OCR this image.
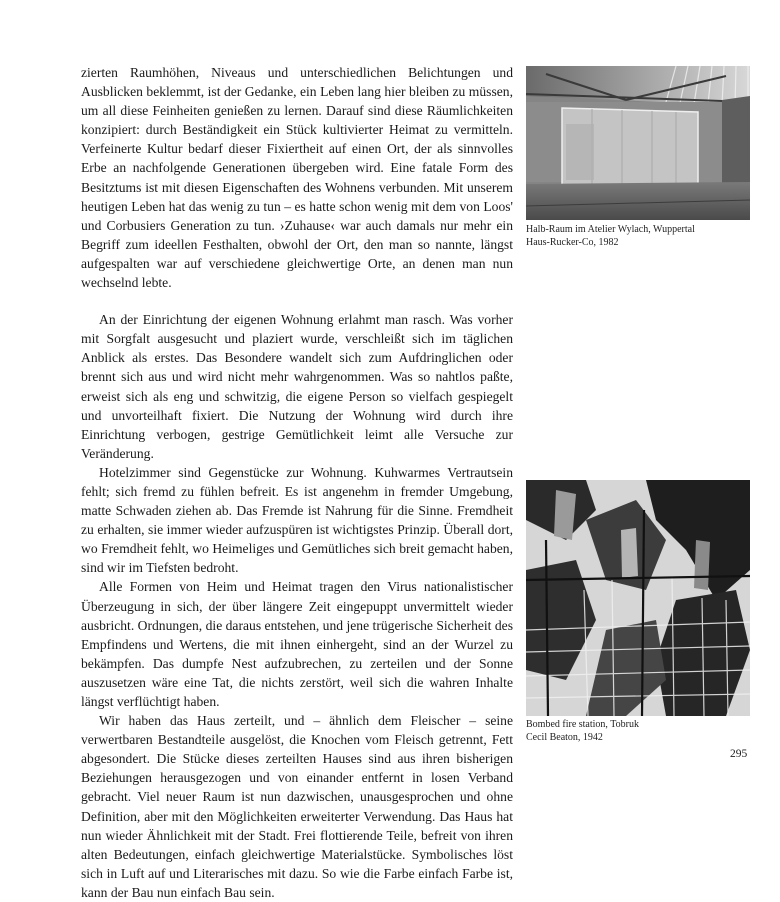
zierten Raumhöhen, Niveaus und unterschiedlichen Belichtungen und Ausblicken beklemmt, ist der Gedanke, ein Leben lang hier bleiben zu müssen, um all diese Feinheiten genießen zu lernen. Darauf sind diese Räumlichkeiten konzipiert: durch Beständigkeit ein Stück kultivierter Heimat zu vermitteln. Verfeinerte Kultur bedarf dieser Fixiertheit auf einen Ort, der als sinnvolles Erbe an nachfolgende Generationen übergeben wird. Eine fatale Form des Besitztums ist mit diesen Eigenschaften des Wohnens verbunden. Mit unserem heutigen Leben hat das wenig zu tun – es hatte schon wenig mit dem von Loos' und Corbusiers Generation zu tun. ›Zuhause‹ war auch damals nur mehr ein Begriff zum ideellen Festhalten, obwohl der Ort, den man so nannte, längst aufgespalten war auf verschiedene gleichwertige Orte, an denen man nun wechselnd lebte.

An der Einrichtung der eigenen Wohnung erlahmt man rasch. Was vorher mit Sorgfalt ausgesucht und plaziert wurde, verschleißt sich im täglichen Anblick als erstes. Das Besondere wandelt sich zum Aufdringlichen oder brennt sich aus und wird nicht mehr wahrgenommen. Was so nahtlos paßte, erweist sich als eng und schwitzig, die eigene Person so vielfach gespiegelt und unvorteilhaft fixiert. Die Nutzung der Wohnung wird durch ihre Einrichtung verbogen, gestrige Gemütlichkeit leimt alle Versuche zur Veränderung.

Hotelzimmer sind Gegenstücke zur Wohnung. Kuhwarmes Vertrautsein fehlt; sich fremd zu fühlen befreit. Es ist angenehm in fremder Umgebung, matte Schwaden ziehen ab. Das Fremde ist Nahrung für die Sinne. Fremdheit zu erhalten, sie immer wieder aufzuspüren ist wichtigstes Prinzip. Überall dort, wo Fremdheit fehlt, wo Heimeliges und Gemütliches sich breit gemacht haben, sind wir im Tiefsten bedroht.

Alle Formen von Heim und Heimat tragen den Virus nationalistischer Überzeugung in sich, der über längere Zeit eingepuppt unvermittelt wieder ausbricht. Ordnungen, die daraus entstehen, und jene trügerische Sicherheit des Empfindens und Wertens, die mit ihnen einhergeht, sind an der Wurzel zu bekämpfen. Das dumpfe Nest aufzubrechen, zu zerteilen und der Sonne auszusetzen wäre eine Tat, die nichts zerstört, weil sich die wahren Inhalte längst verflüchtigt haben.

Wir haben das Haus zerteilt, und – ähnlich dem Fleischer – seine verwertbaren Bestandteile ausgelöst, die Knochen vom Fleisch getrennt, Fett abgesondert. Die Stücke dieses zerteilten Hauses sind aus ihren bisherigen Beziehungen herausgezogen und von einander entfernt in losen Verband gebracht. Viel neuer Raum ist nun dazwischen, unausgesprochen und ohne Definition, aber mit den Möglichkeiten erweiterter Verwendung. Das Haus hat nun wieder Ähnlichkeit mit der Stadt. Frei flottierende Teile, befreit von ihren alten Bedeutungen, einfach gleichwertige Materialstücke. Symbolisches löst sich in Luft auf und Literarisches mit dazu. So wie die Farbe einfach Farbe ist, kann der Bau nun einfach Bau sein.

Halb-Raum im Atelier Wylach, Wuppertal
Haus-Rucker-Co, 1982
Bombed fire station, Tobruk
Cecil Beaton, 1942
295
